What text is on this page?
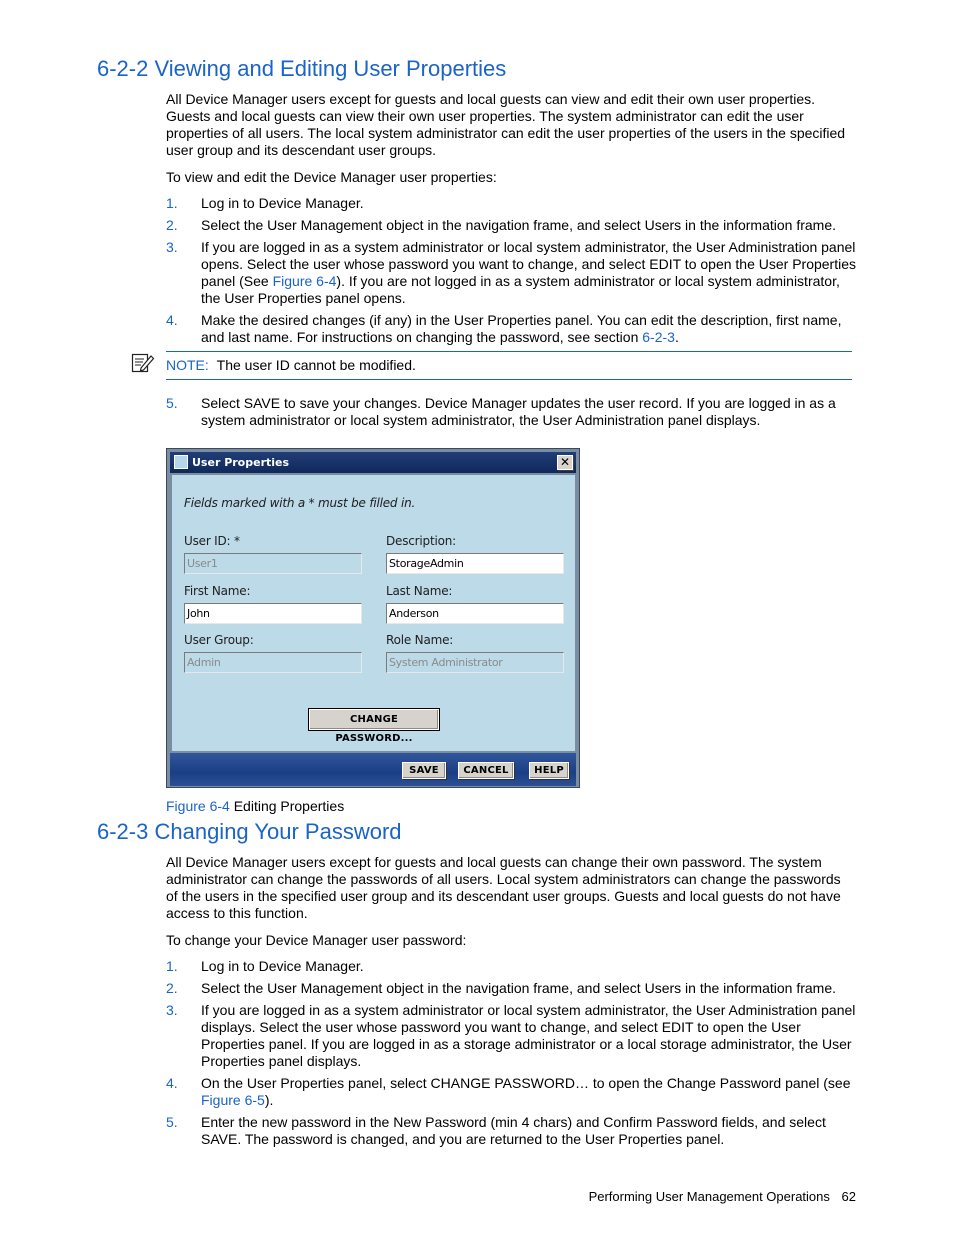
6-2-2 Viewing and Editing User Properties

All Device Manager users except for guests and local guests can view and edit their own user properties. Guests and local guests can view their own user properties. The system administrator can edit the user properties of all users. The local system administrator can edit the user properties of the users in the specified user group and its descendant user groups.

To view and edit the Device Manager user properties:

1. Log in to Device Manager.
2. Select the User Management object in the navigation frame, and select Users in the information frame.
3. If you are logged in as a system administrator or local system administrator, the User Administration panel opens. Select the user whose password you want to change, and select EDIT to open the User Properties panel (See Figure 6-4). If you are not logged in as a system administrator or local system administrator, the User Properties panel opens.
4. Make the desired changes (if any) in the User Properties panel. You can edit the description, first name, and last name. For instructions on changing the password, see section 6-2-3.
NOTE: The user ID cannot be modified.
5. Select SAVE to save your changes. Device Manager updates the user record. If you are logged in as a system administrator or local system administrator, the User Administration panel displays.
User Properties	✕
Fields marked with a * must be filled in.
User ID: *
User1
Description:
StorageAdmin
First Name:
John
Last Name:
Anderson
User Group:
Admin
Role Name:
System Administrator
CHANGE PASSWORD...
SAVE	CANCEL	HELP
Figure 6-4 Editing Properties
6-2-3 Changing Your Password

All Device Manager users except for guests and local guests can change their own password. The system administrator can change the passwords of all users. Local system administrators can change the passwords of the users in the specified user group and its descendant user groups. Guests and local guests do not have access to this function.

To change your Device Manager user password:

1. Log in to Device Manager.
2. Select the User Management object in the navigation frame, and select Users in the information frame.
3. If you are logged in as a system administrator or local system administrator, the User Administration panel displays. Select the user whose password you want to change, and select EDIT to open the User Properties panel. If you are logged in as a storage administrator or a local storage administrator, the User Properties panel displays.
4. On the User Properties panel, select CHANGE PASSWORD… to open the Change Password panel (see Figure 6-5).
5. Enter the new password in the New Password (min 4 chars) and Confirm Password fields, and select SAVE. The password is changed, and you are returned to the User Properties panel.
Performing User Management Operations 62
